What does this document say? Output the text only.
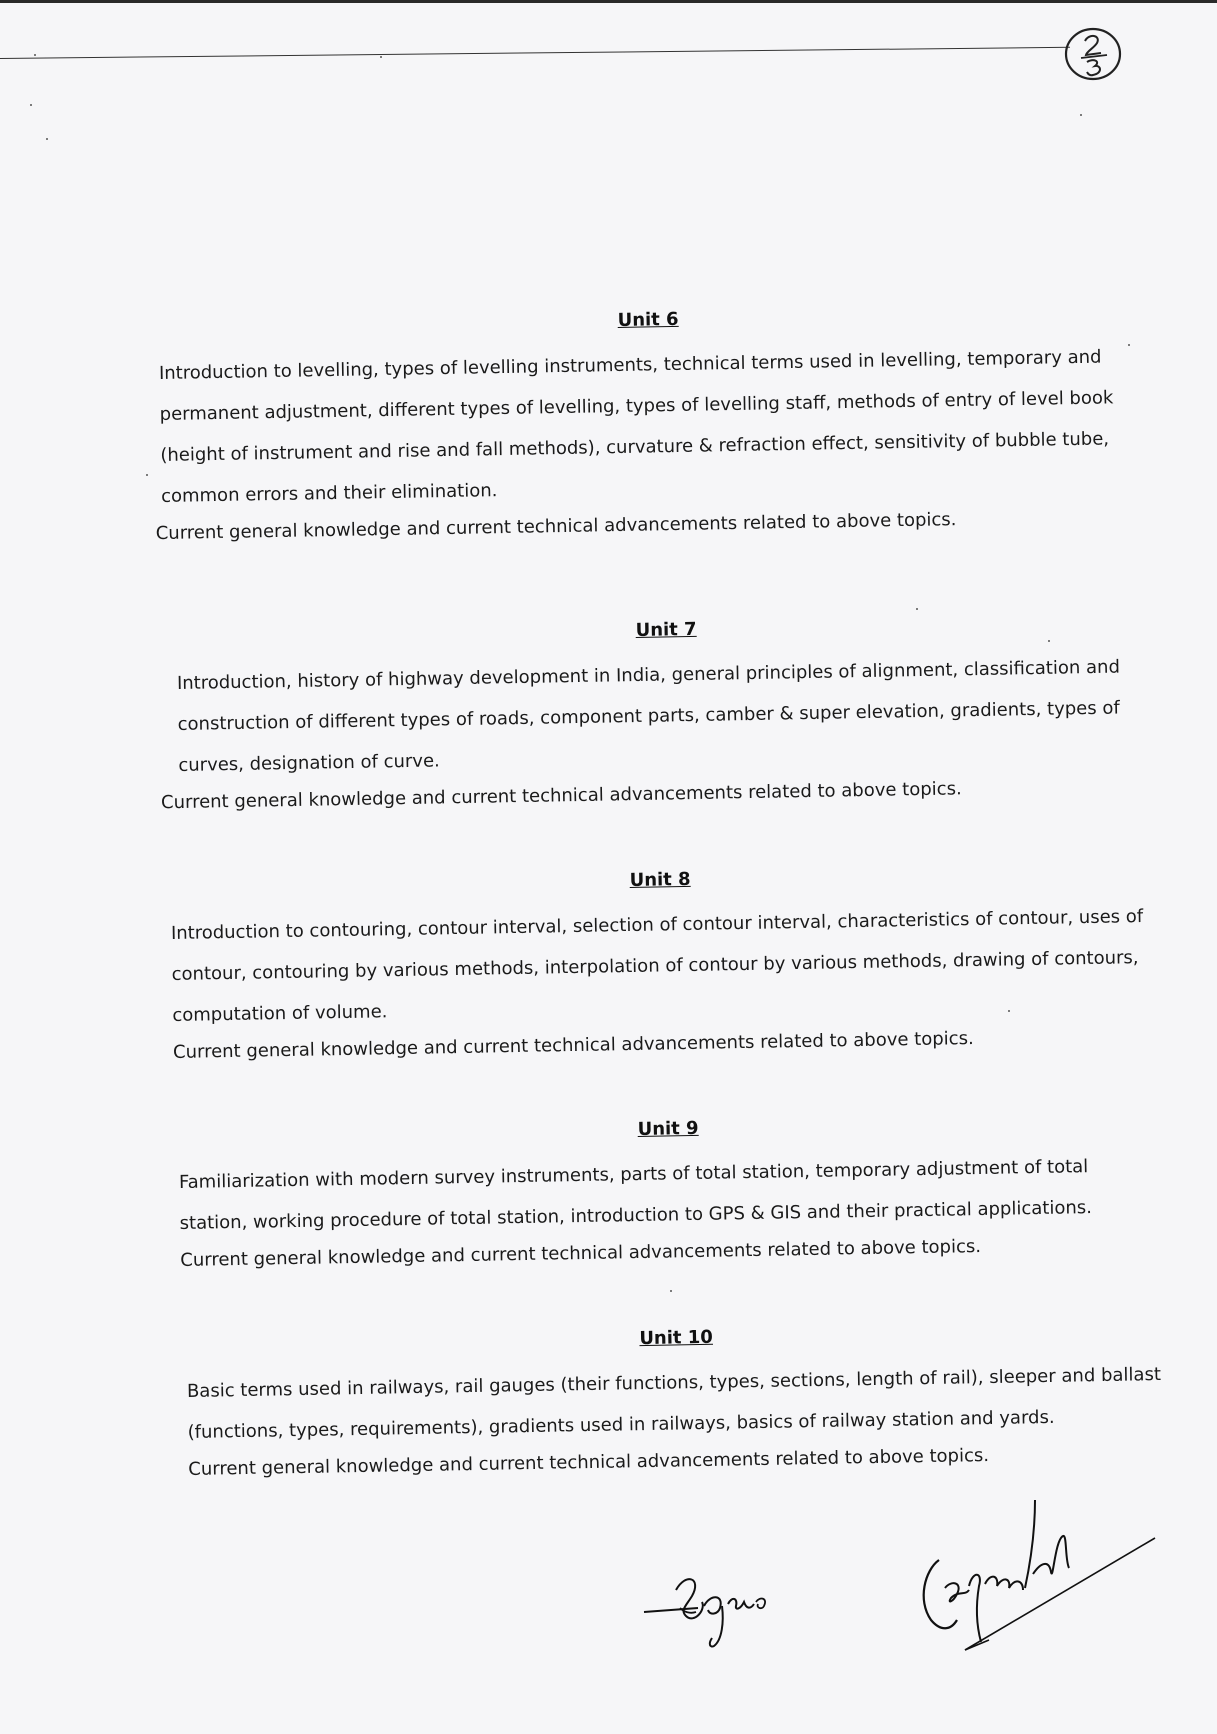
Unit 6

Introduction to levelling, types of levelling instruments, technical terms used in levelling, temporary and permanent adjustment, different types of levelling, types of levelling staff, methods of entry of level book (height of instrument and rise and fall methods), curvature & refraction effect, sensitivity of bubble tube, common errors and their elimination.

Current general knowledge and current technical advancements related to above topics.

Unit 7

Introduction, history of highway development in India, general principles of alignment, classification and construction of different types of roads, component parts, camber & super elevation, gradients, types of curves, designation of curve.

Current general knowledge and current technical advancements related to above topics.

Unit 8

Introduction to contouring, contour interval, selection of contour interval, characteristics of contour, uses of contour, contouring by various methods, interpolation of contour by various methods, drawing of contours, computation of volume.

Current general knowledge and current technical advancements related to above topics.

Unit 9

Familiarization with modern survey instruments, parts of total station, temporary adjustment of total station, working procedure of total station, introduction to GPS & GIS and their practical applications.

Current general knowledge and current technical advancements related to above topics.

Unit 10

Basic terms used in railways, rail gauges (their functions, types, sections, length of rail), sleeper and ballast (functions, types, requirements), gradients used in railways, basics of railway station and yards.

Current general knowledge and current technical advancements related to above topics.
